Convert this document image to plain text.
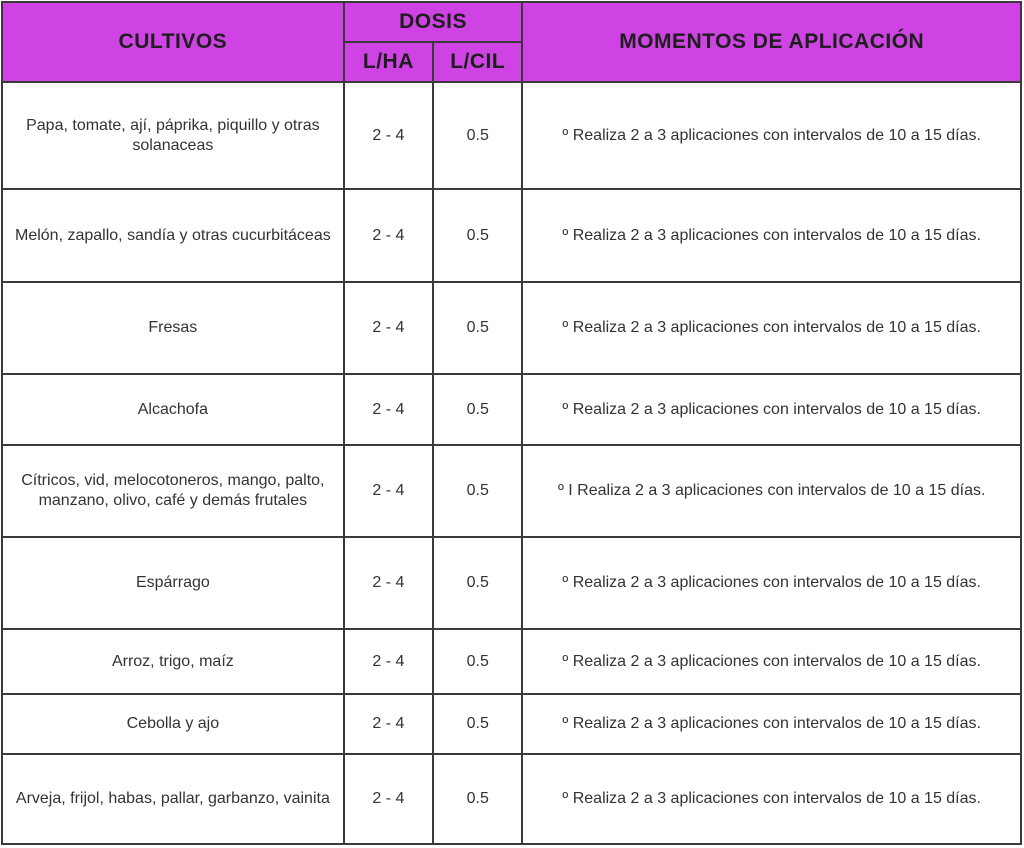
CULTIVOS	DOSIS		MOMENTOS DE APLICACIÓN
	L/HA	L/CIL	
Papa, tomate, ají, páprika, piquillo y otras solanaceas	2 - 4	0.5	º Realiza 2 a 3 aplicaciones con intervalos de 10 a 15 días.
Melón, zapallo, sandía y otras cucurbitáceas	2 - 4	0.5	º Realiza 2 a 3 aplicaciones con intervalos de 10 a 15 días.
Fresas	2 - 4	0.5	º Realiza 2 a 3 aplicaciones con intervalos de 10 a 15 días.
Alcachofa	2 - 4	0.5	º Realiza 2 a 3 aplicaciones con intervalos de 10 a 15 días.
Cítricos, vid, melocotoneros, mango, palto, manzano, olivo, café y demás frutales	2 - 4	0.5	º I Realiza 2 a 3 aplicaciones con intervalos de 10 a 15 días.
Espárrago	2 - 4	0.5	º Realiza 2 a 3 aplicaciones con intervalos de 10 a 15 días.
Arroz, trigo, maíz	2 - 4	0.5	º Realiza 2 a 3 aplicaciones con intervalos de 10 a 15 días.
Cebolla y ajo	2 - 4	0.5	º Realiza 2 a 3 aplicaciones con intervalos de 10 a 15 días.
Arveja, frijol, habas, pallar, garbanzo, vainita	2 - 4	0.5	º Realiza 2 a 3 aplicaciones con intervalos de 10 a 15 días.
